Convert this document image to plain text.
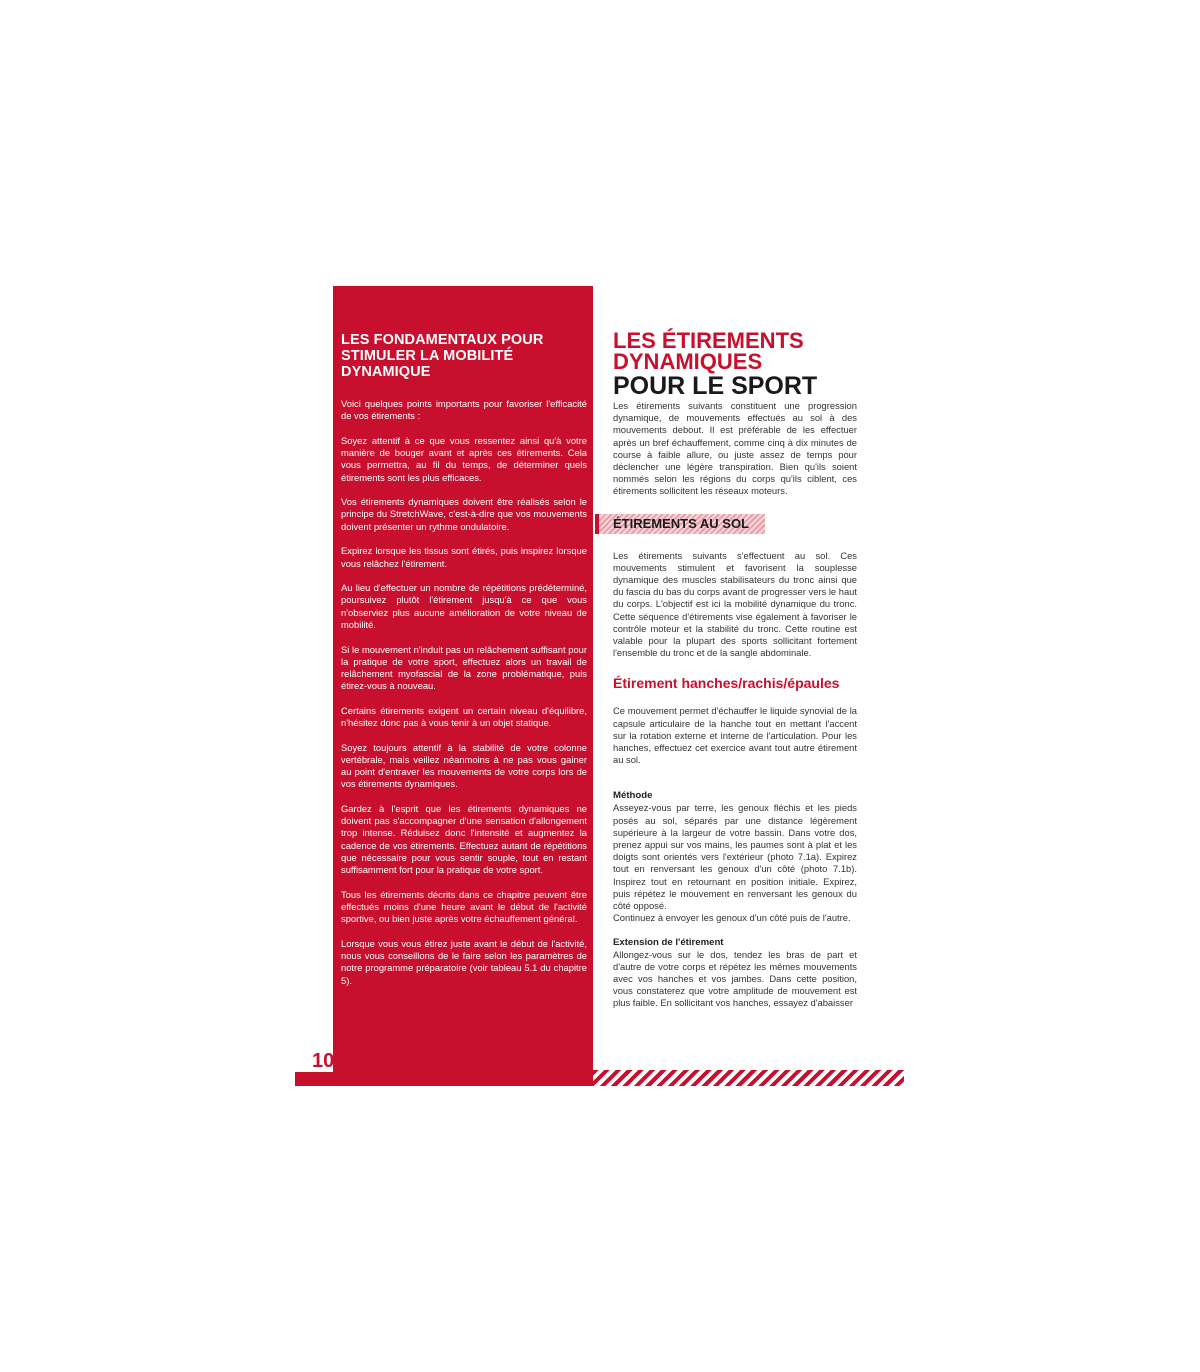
LES FONDAMENTAUX POUR STIMULER LA MOBILITÉ DYNAMIQUE

Voici quelques points importants pour favoriser l'efficacité de vos étirements :

Soyez attentif à ce que vous ressentez ainsi qu'à votre manière de bouger avant et après ces étirements. Cela vous permettra, au fil du temps, de déterminer quels étirements sont les plus efficaces.

Vos étirements dynamiques doivent être réalisés selon le principe du StretchWave, c'est-à-dire que vos mouvements doivent présenter un rythme ondulatoire.

Expirez lorsque les tissus sont étirés, puis inspirez lorsque vous relâchez l'étirement.

Au lieu d'effectuer un nombre de répétitions prédéterminé, poursuivez plutôt l'étirement jusqu'à ce que vous n'observiez plus aucune amélioration de votre niveau de mobilité.

Si le mouvement n'induit pas un relâchement suffisant pour la pratique de votre sport, effectuez alors un travail de relâchement myofascial de la zone problématique, puis étirez-vous à nouveau.

Certains étirements exigent un certain niveau d'équilibre, n'hésitez donc pas à vous tenir à un objet statique.

Soyez toujours attentif à la stabilité de votre colonne vertébrale, mais veillez néanmoins à ne pas vous gainer au point d'entraver les mouvements de votre corps lors de vos étirements dynamiques.

Gardez à l'esprit que les étirements dynamiques ne doivent pas s'accompagner d'une sensation d'allongement trop intense. Réduisez donc l'intensité et augmentez la cadence de vos étirements. Effectuez autant de répétitions que nécessaire pour vous sentir souple, tout en restant suffisamment fort pour la pratique de votre sport.

Tous les étirements décrits dans ce chapitre peuvent être effectués moins d'une heure avant le début de l'activité sportive, ou bien juste après votre échauffement général.

Lorsque vous vous étirez juste avant le début de l'activité, nous vous conseillons de le faire selon les paramètres de notre programme préparatoire (voir tableau 5.1 du chapitre 5).

10
LES ÉTIREMENTS DYNAMIQUES
POUR LE SPORT

Les étirements suivants constituent une progression dynamique, de mouvements effectués au sol à des mouvements debout. Il est préférable de les effectuer après un bref échauffement, comme cinq à dix minutes de course à faible allure, ou juste assez de temps pour déclencher une légère transpiration. Bien qu'ils soient nommés selon les régions du corps qu'ils ciblent, ces étirements sollicitent les réseaux moteurs.

ÉTIREMENTS AU SOL

Les étirements suivants s'effectuent au sol. Ces mouvements stimulent et favorisent la souplesse dynamique des muscles stabilisateurs du tronc ainsi que du fascia du bas du corps avant de progresser vers le haut du corps. L'objectif est ici la mobilité dynamique du tronc. Cette séquence d'étirements vise également à favoriser le contrôle moteur et la stabilité du tronc. Cette routine est valable pour la plupart des sports sollicitant fortement l'ensemble du tronc et de la sangle abdominale.

Étirement hanches/rachis/épaules

Ce mouvement permet d'échauffer le liquide synovial de la capsule articulaire de la hanche tout en mettant l'accent sur la rotation externe et interne de l'articulation. Pour les hanches, effectuez cet exercice avant tout autre étirement au sol.

Méthode

Asseyez-vous par terre, les genoux fléchis et les pieds posés au sol, séparés par une distance légèrement supérieure à la largeur de votre bassin. Dans votre dos, prenez appui sur vos mains, les paumes sont à plat et les doigts sont orientés vers l'extérieur (photo 7.1a). Expirez tout en renversant les genoux d'un côté (photo 7.1b). Inspirez tout en retournant en position initiale. Expirez, puis répétez le mouvement en renversant les genoux du côté opposé.

Continuez à envoyer les genoux d'un côté puis de l'autre.

Extension de l'étirement

Allongez-vous sur le dos, tendez les bras de part et d'autre de votre corps et répétez les mêmes mouvements avec vos hanches et vos jambes. Dans cette position, vous constaterez que votre amplitude de mouvement est plus faible. En sollicitant vos hanches, essayez d'abaisser
